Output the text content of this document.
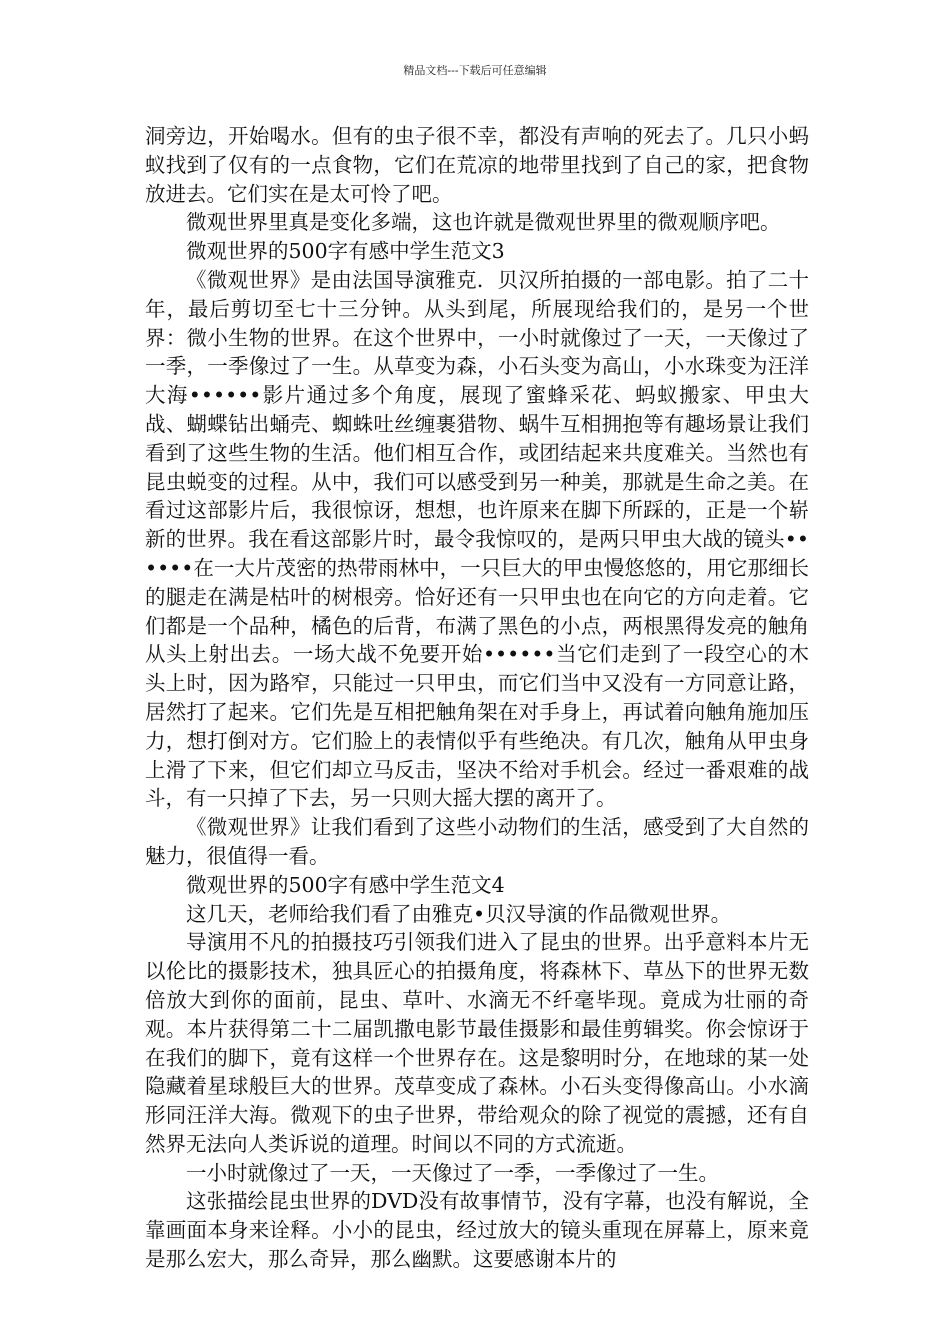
精品文档---下载后可任意编辑

洞旁边，开始喝水。但有的虫子很不幸，都没有声响的死去了。几只小蚂蚁找到了仅有的一点食物，它们在荒凉的地带里找到了自己的家，把食物放进去。它们实在是太可怜了吧。

微观世界里真是变化多端，这也许就是微观世界里的微观顺序吧。

微观世界的500字有感中学生范文3

《微观世界》是由法国导演雅克．贝汉所拍摄的一部电影。拍了二十年，最后剪切至七十三分钟。从头到尾，所展现给我们的，是另一个世界：微小生物的世界。在这个世界中，一小时就像过了一天，一天像过了一季，一季像过了一生。从草变为森，小石头变为高山，小水珠变为汪洋大海••••••影片通过多个角度，展现了蜜蜂采花、蚂蚁搬家、甲虫大战、蝴蝶钻出蛹壳、蜘蛛吐丝缠裹猎物、蜗牛互相拥抱等有趣场景让我们看到了这些生物的生活。他们相互合作，或团结起来共度难关。当然也有昆虫蜕变的过程。从中，我们可以感受到另一种美，那就是生命之美。在看过这部影片后，我很惊讶，想想，也许原来在脚下所踩的，正是一个崭新的世界。我在看这部影片时，最令我惊叹的，是两只甲虫大战的镜头••••••在一大片茂密的热带雨林中，一只巨大的甲虫慢悠悠的，用它那细长的腿走在满是枯叶的树根旁。恰好还有一只甲虫也在向它的方向走着。它们都是一个品种，橘色的后背，布满了黑色的小点，两根黑得发亮的触角从头上射出去。一场大战不免要开始••••••当它们走到了一段空心的木头上时，因为路窄，只能过一只甲虫，而它们当中又没有一方同意让路，居然打了起来。它们先是互相把触角架在对手身上，再试着向触角施加压力，想打倒对方。它们脸上的表情似乎有些绝决。有几次，触角从甲虫身上滑了下来，但它们却立马反击，坚决不给对手机会。经过一番艰难的战斗，有一只掉了下去，另一只则大摇大摆的离开了。

《微观世界》让我们看到了这些小动物们的生活，感受到了大自然的魅力，很值得一看。

微观世界的500字有感中学生范文4

这几天，老师给我们看了由雅克•贝汉导演的作品微观世界。

导演用不凡的拍摄技巧引领我们进入了昆虫的世界。出乎意料本片无以伦比的摄影技术，独具匠心的拍摄角度，将森林下、草丛下的世界无数倍放大到你的面前，昆虫、草叶、水滴无不纤毫毕现。竟成为壮丽的奇观。本片获得第二十二届凯撒电影节最佳摄影和最佳剪辑奖。你会惊讶于在我们的脚下，竟有这样一个世界存在。这是黎明时分，在地球的某一处隐藏着星球般巨大的世界。茂草变成了森林。小石头变得像高山。小水滴形同汪洋大海。微观下的虫子世界，带给观众的除了视觉的震撼，还有自然界无法向人类诉说的道理。时间以不同的方式流逝。

一小时就像过了一天，一天像过了一季，一季像过了一生。

这张描绘昆虫世界的DVD没有故事情节，没有字幕，也没有解说，全靠画面本身来诠释。小小的昆虫，经过放大的镜头重现在屏幕上，原来竟是那么宏大，那么奇异，那么幽默。这要感谢本片的
